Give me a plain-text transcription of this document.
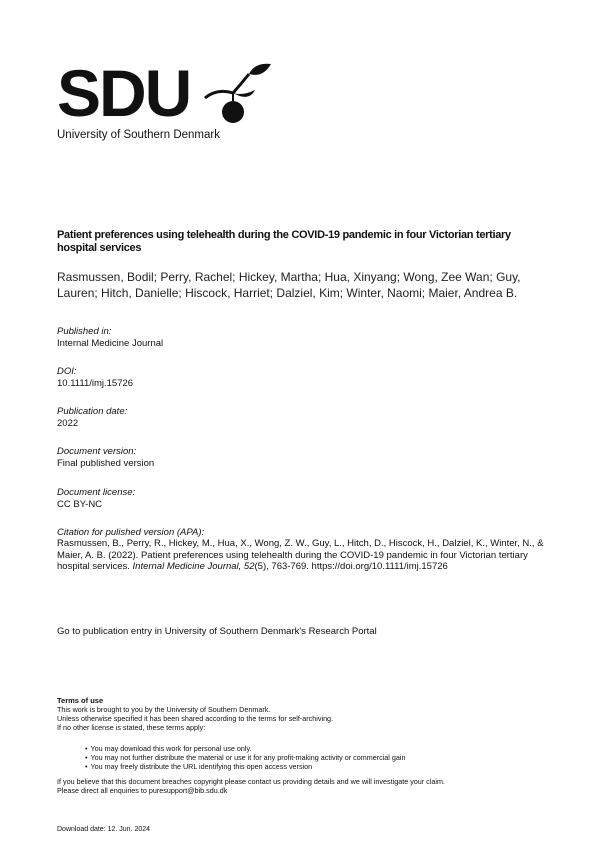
SDU
University of Southern Denmark
Patient preferences using telehealth during the COVID-19 pandemic in four Victorian tertiary hospital services
Rasmussen, Bodil; Perry, Rachel; Hickey, Martha; Hua, Xinyang; Wong, Zee Wan; Guy, Lauren; Hitch, Danielle; Hiscock, Harriet; Dalziel, Kim; Winter, Naomi; Maier, Andrea B.
Published in:
Internal Medicine Journal
DOI:
10.1111/imj.15726
Publication date:
2022
Document version:
Final published version
Document license:
CC BY-NC
Citation for pulished version (APA):
Rasmussen, B., Perry, R., Hickey, M., Hua, X., Wong, Z. W., Guy, L., Hitch, D., Hiscock, H., Dalziel, K., Winter, N., & Maier, A. B. (2022). Patient preferences using telehealth during the COVID-19 pandemic in four Victorian tertiary hospital services. Internal Medicine Journal, 52(5), 763-769. https://doi.org/10.1111/imj.15726
Go to publication entry in University of Southern Denmark's Research Portal
Terms of use
This work is brought to you by the University of Southern Denmark.
Unless otherwise specified it has been shared according to the terms for self-archiving.
If no other license is stated, these terms apply:
• You may download this work for personal use only.
• You may not further distribute the material or use it for any profit-making activity or commercial gain
• You may freely distribute the URL identifying this open access version
If you believe that this document breaches copyright please contact us providing details and we will investigate your claim.
Please direct all enquiries to puresupport@bib.sdu.dk
Download date: 12. Jun. 2024
